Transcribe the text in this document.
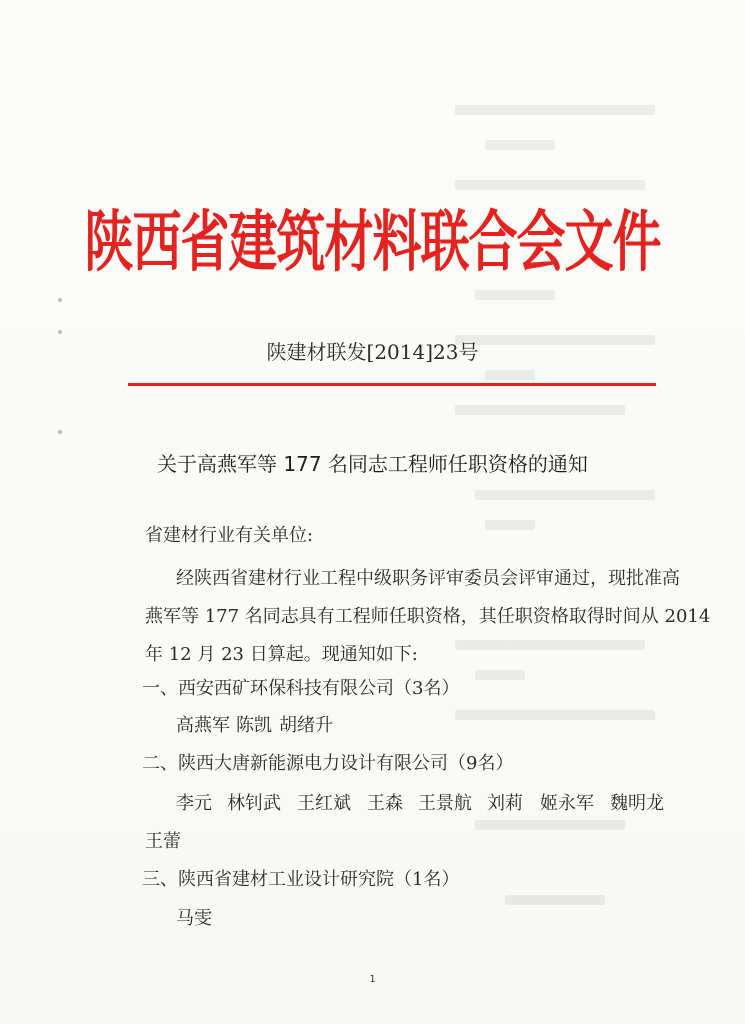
陕西省建筑材料联合会文件
陕建材联发[2014]23号
关于高燕军等 177 名同志工程师任职资格的通知
省建材行业有关单位:
经陕西省建材行业工程中级职务评审委员会评审通过，现批准高
燕军等 177 名同志具有工程师任职资格，其任职资格取得时间从 2014
年 12 月 23 日算起。现通知如下:
一、西安西矿环保科技有限公司（3名）
高燕军 陈凯 胡绪升
二、陕西大唐新能源电力设计有限公司（9名）
李元 林钊武 王红斌 王森 王景航 刘莉 姬永军 魏明龙
王蕾
三、陕西省建材工业设计研究院（1名）
马雯
1
